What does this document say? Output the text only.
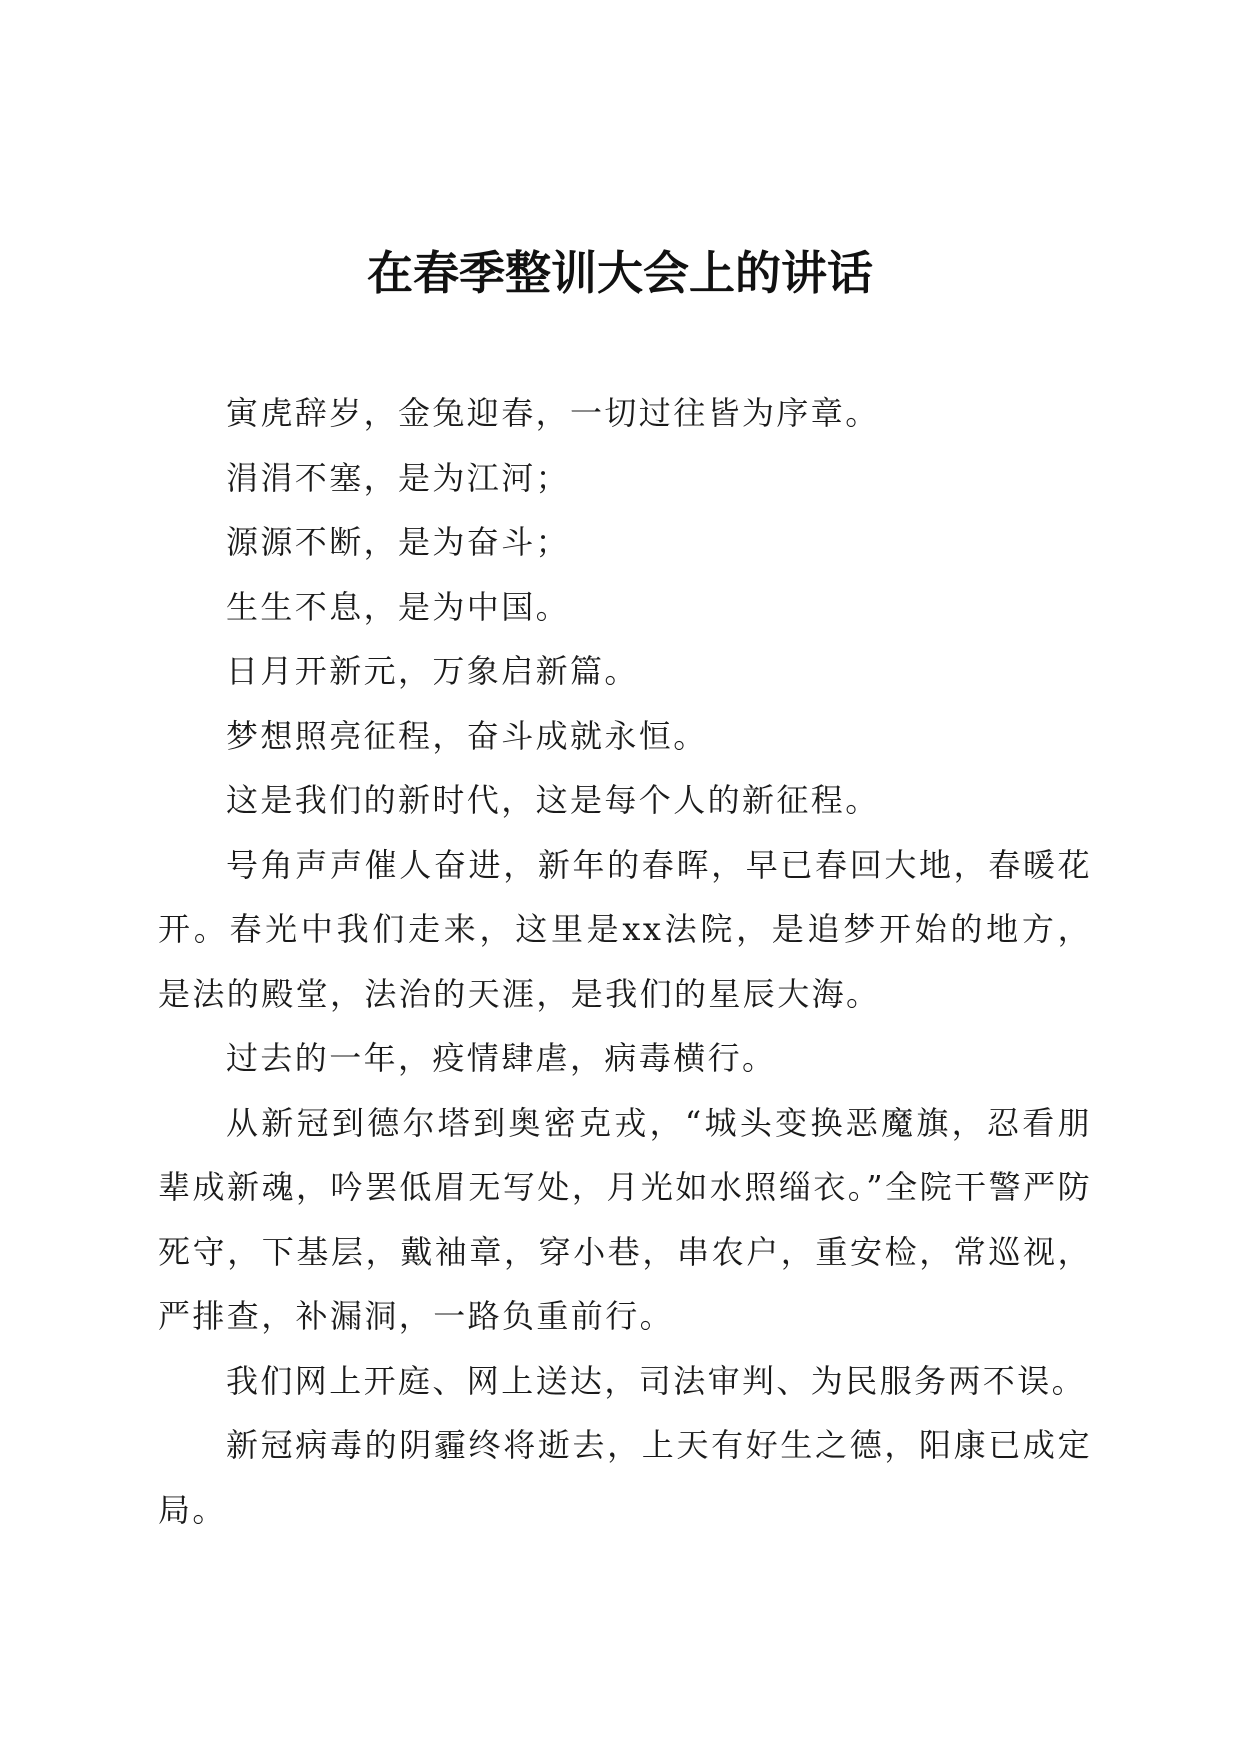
在春季整训大会上的讲话

寅虎辞岁，金兔迎春，一切过往皆为序章。

涓涓不塞，是为江河；

源源不断，是为奋斗；

生生不息，是为中国。

日月开新元，万象启新篇。

梦想照亮征程，奋斗成就永恒。

这是我们的新时代，这是每个人的新征程。

号角声声催人奋进，新年的春晖，早已春回大地，春暖花开。春光中我们走来，这里是xx法院，是追梦开始的地方，是法的殿堂，法治的天涯，是我们的星辰大海。

过去的一年，疫情肆虐，病毒横行。

从新冠到德尔塔到奥密克戎，“城头变换恶魔旗，忍看朋辈成新魂，吟罢低眉无写处，月光如水照缁衣。”全院干警严防死守，下基层，戴袖章，穿小巷，串农户，重安检，常巡视，严排查，补漏洞，一路负重前行。

我们网上开庭、网上送达，司法审判、为民服务两不误。

新冠病毒的阴霾终将逝去，上天有好生之德，阳康已成定局。
